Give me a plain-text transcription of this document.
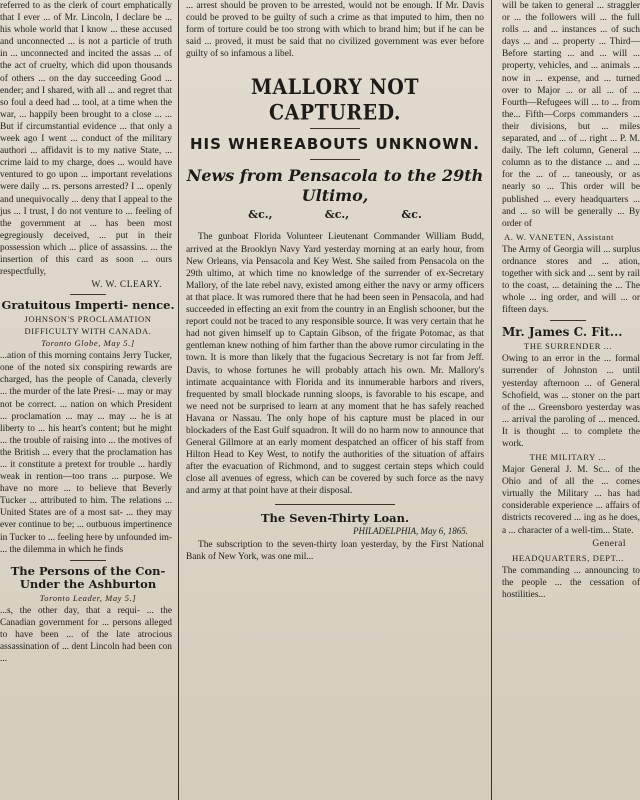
referred to as the clerk of court emphatically that I ever ... of Mr. Lincoln, I declare be ... his whole world that I know ... these accused and unconnected ... is not a particle of truth in ... unconnected and incited the assas ... of the act of cruelty, which did upon thousands of others ... on the day succeeding Good ... ender; and I shared, with all ... and regret that so foul a deed had ... tool, at a time when the war, ... happily been brought to a close ... ... But if circumstantial evidence ... that only a week ago I went ... conduct of the military authori ... affidavit is to my native State, ... crime laid to my charge, does ... would have ventured to go upon ... important revelations were daily ... rs. persons arrested? I ... openly and unequivocally ... deny that I appeal to the jus ... I trust, I do not venture to ... feeling of the government at ... has been most egregiously deceived, ... put in their possession which ... plice of assassins. ... the insertion of this card as soon ... ours respectfully,

W. W. CLEARY.
Gratuitous Imperti- nence.
JOHNSON'S PROCLAMATION
DIFFICULTY WITH CANADA.
Toronto Globe, May 5.]

...ation of this morning contains Jerry Tucker, one of the noted six conspiring rewards are charged, has the people of Canada, cleverly ... the murder of the late Presi- ... may or may not be correct. ... nation on which President ... proclamation ... may ... may ... he is at liberty to ... his heart's content; but he might ... the trouble of raising into ... the motives of the British ... every that the proclamation has ... it constitute a pretext for trouble ... hardly weak in rention—too trans ... purpose. We have no more ... to believe that Beverly Tucker ... attributed to him. The relations ... United States are of a most sat- ... they may ever continue to be; ... outbuous impertinence in Tucker to ... feeling here by unfounded im- ... the dilemma in which he finds

The Persons of the Con- Under the Ashburton
Toronto Leader, May 5.]

...s, the other day, that a requi- ... the Canadian government for ... persons alleged to have been ... of the late atrocious assassination of ... dent Lincoln had been con ...

... arrest should be proven to be arrested, would not be enough. If Mr. Davis could be proved to be guilty of such a crime as that imputed to him, then no form of torture could be too strong with which to brand him; but if he can be said ... proved, it must be said that no civilized government was ever before guilty of so infamous a libel.

MALLORY NOT CAPTURED.
HIS WHEREABOUTS UNKNOWN.
News from Pensacola to the 29th Ultimo,
&c.,	&c.,	&c.

The gunboat Florida Volunteer Lieutenant Commander William Budd, arrived at the Brooklyn Navy Yard yesterday morning at an early hour, from New Orleans, via Pensacola and Key West. She sailed from Pensacola on the 29th ultimo, at which time no knowledge of the surrender of ex-Secretary Mallory, of the late rebel navy, existed among either the navy or army officers at that place. It was rumored there that he had been seen in Pensacola, and had succeeded in effecting an exit from the country in an English schooner, but the report could not be traced to any responsible source. It was very certain that he had not given himself up to Captain Gibson, of the frigate Potomac, as that gentleman knew nothing of him farther than the above rumor circulating in the town. It is more than likely that the fugacious Secretary is not far from Jeff. Davis, to whose fortunes he will probably attach his own. Mr. Mallory's intimate acquaintance with Florida and its innumerable harbors and rivers, frequented by small blockade running sloops, is favorable to his escape, and we need not be surprised to learn at any moment that he has safely reached Havana or Nassau. The only hope of his capture must be placed in our blockaders of the East Gulf squadron. It will do no harm now to announce that General Gillmore at an early moment despatched an officer of his staff from Hilton Head to Key West, to notify the authorities of the situation of affairs after the evacuation of Richmond, and to suggest certain steps which could close all avenues of egress, which can be covered by such force as the navy and army at that point have at their disposal.

The Seven-Thirty Loan.
PHILADELPHIA, May 6, 1865.

The subscription to the seven-thirty loan yesterday, by the First National Bank of New York, was one mil...

will be taken to general ... straggler or ... the followers will ... the full rolls ... and ... instances ... of such days ... and ... property ... Third—Before starting ... and ... will ... property, vehicles, and ... animals ... now in ... expense, and ... turned over to Major ... or all ... of ... Fourth—Refugees will ... to ... from the... Fifth—Corps commanders ... their divisions, but ... miles separated, and ... of ... right ... P. M. daily. The left column, General ... column as to the distance ... and ... for the ... of ... taneously, or as nearly so ... This order will be published ... every headquarters ... and ... so will be generally ... By order of

A. W. VANETEN, Assistant

The Army of Georgia will ... surplus ordnance stores and ... ation, together with sick and ... sent by rail to the coast, ... detaining the ... The whole ... ing order, and will ... or fifteen days.

Mr. James C. Fit...
THE SURRENDER ...

Owing to an error in the ... formal surrender of Johnston ... until yesterday afternoon ... of General Schofield, was ... stoner on the part of the ... Greensboro yesterday was ... arrival the paroling of ... menced. It is thought ... to complete the work.

THE MILITARY ...

Major General J. M. Sc... of the Ohio and of all the ... comes virtually the Military ... has had considerable experience ... affairs of districts recovered ... ing as he does, a ... character of a well-tim... State.

General
HEADQUARTERS, DEPT...

The commanding ... announcing to the people ... the cessation of hostilities...
